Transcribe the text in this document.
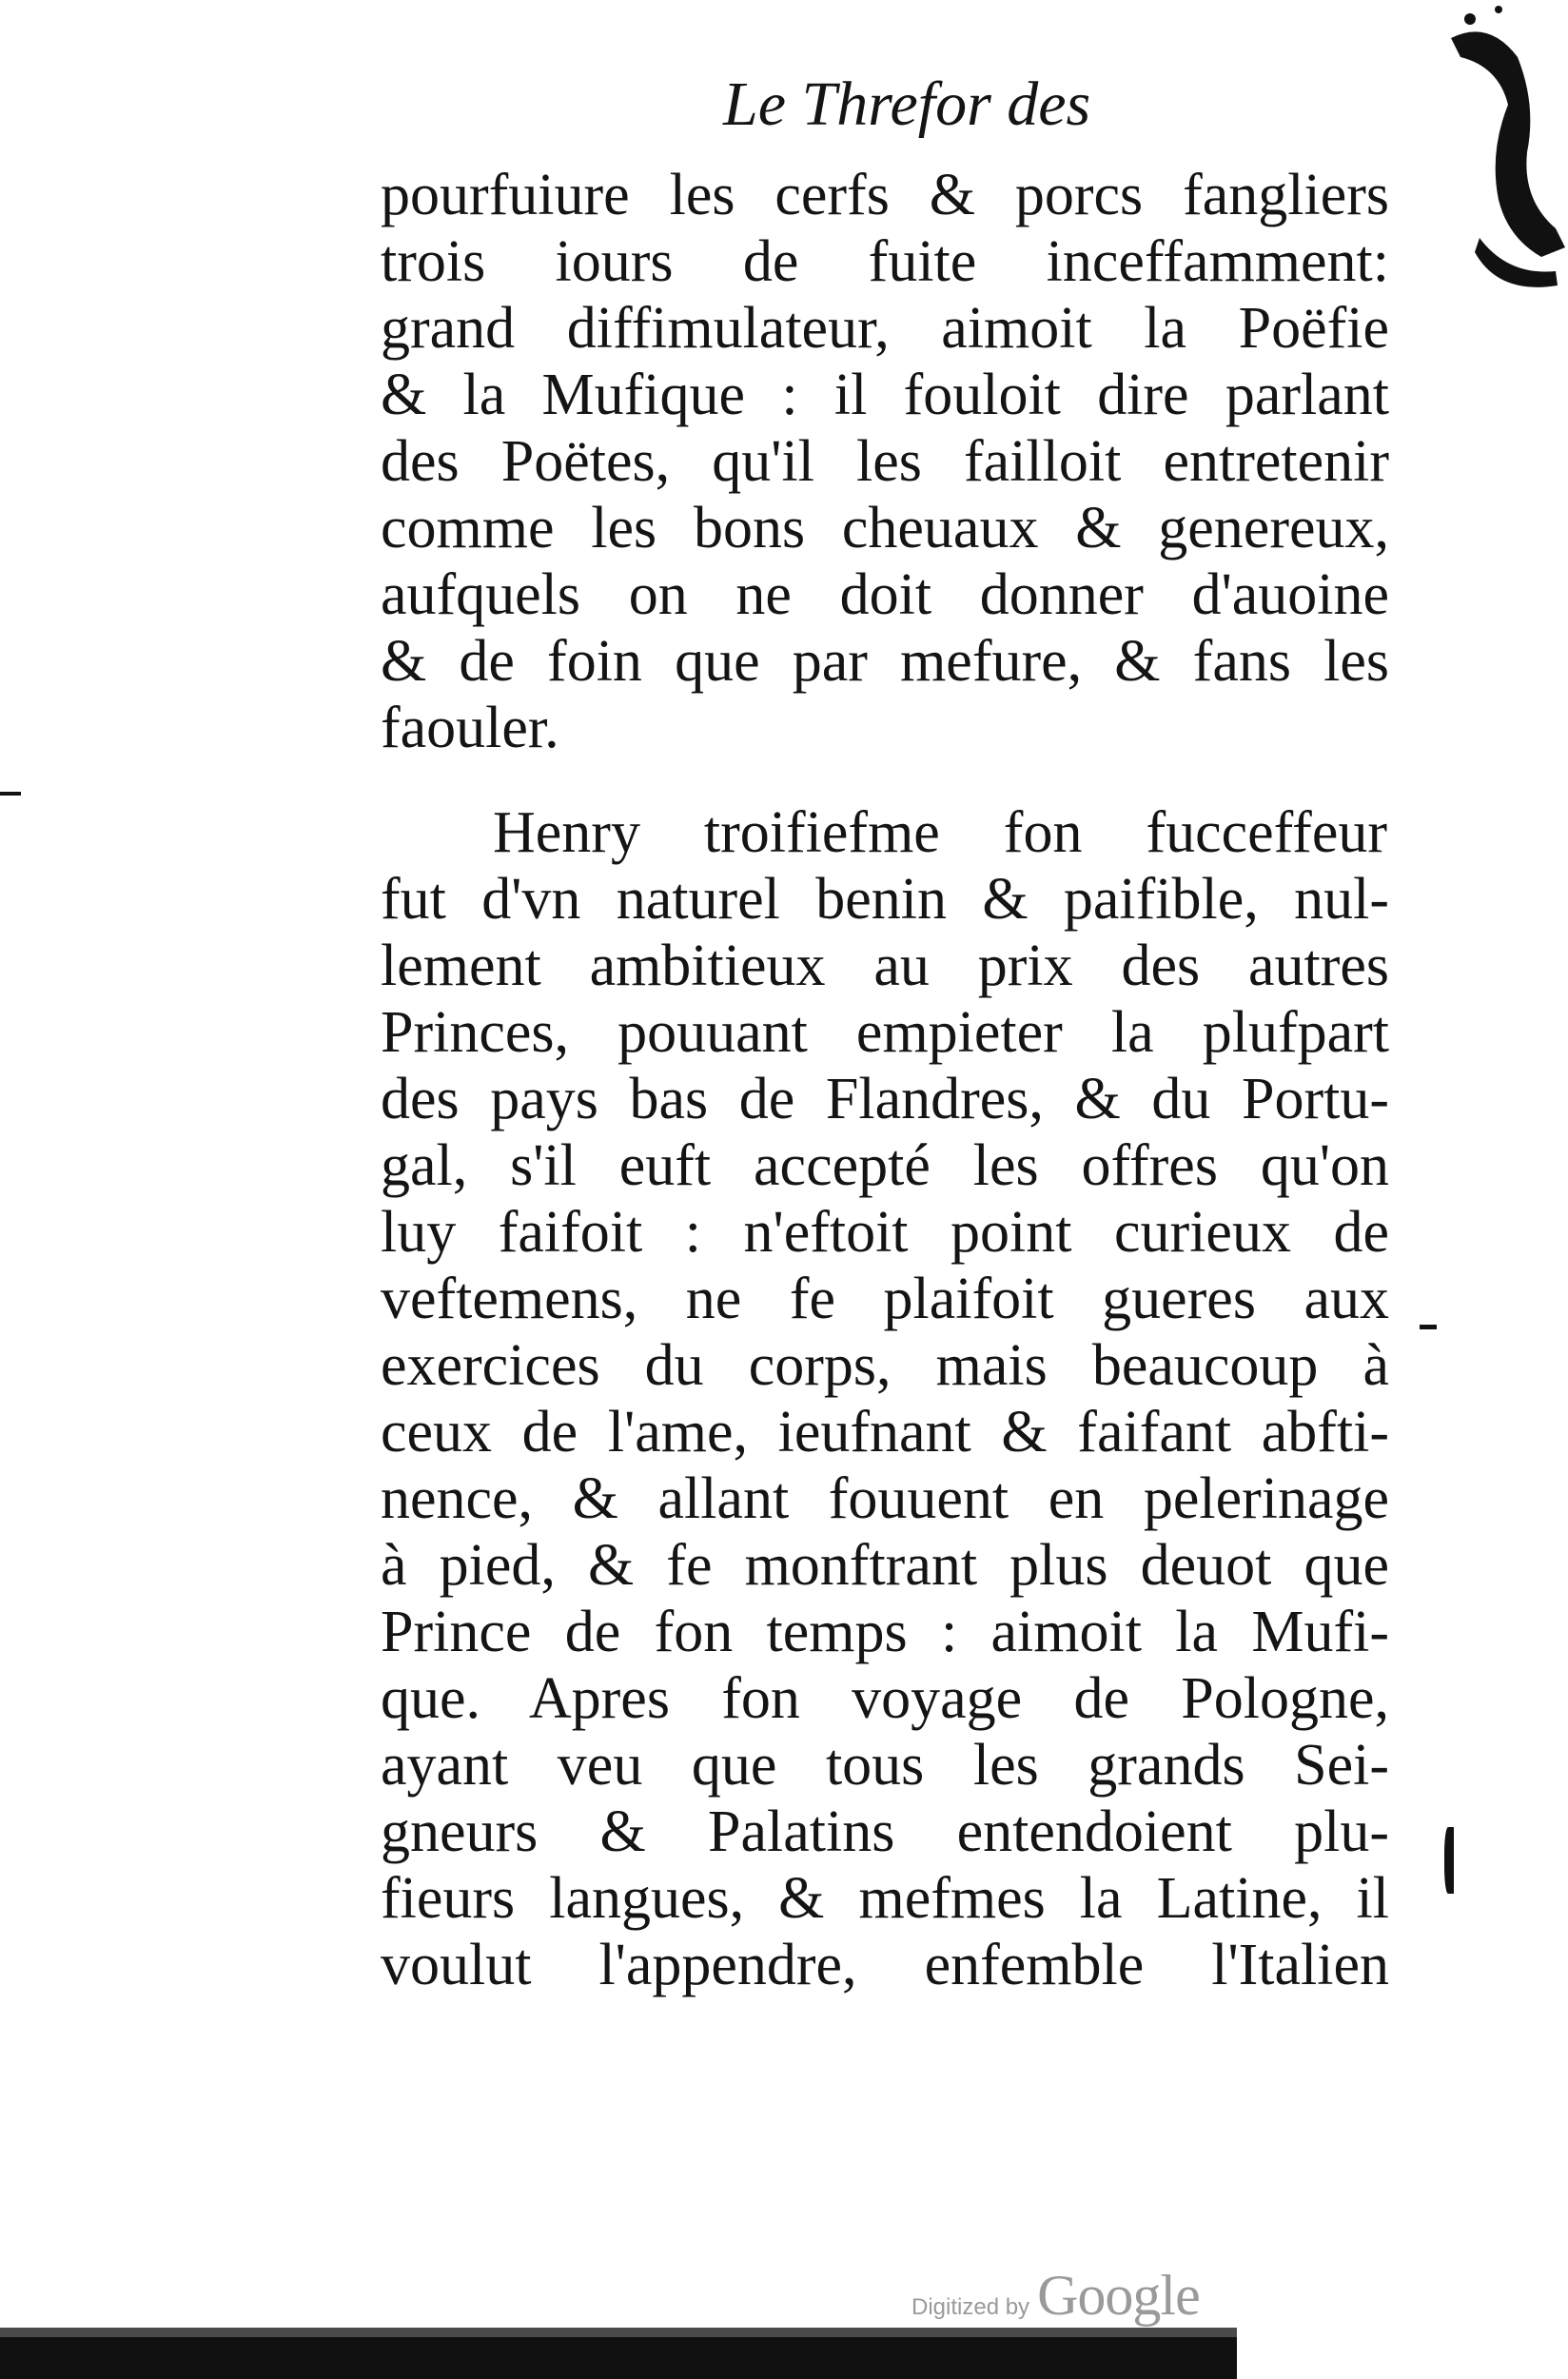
Le Threfor des
pourfuiure les cerfs & porcs fangliers
trois iours de fuite inceffamment:
grand diffimulateur, aimoit la Poëfie
& la Mufique : il fouloit dire parlant
des Poëtes, qu'il les failloit entretenir
comme les bons cheuaux & genereux,
aufquels on ne doit donner d'auoine
& de foin que par mefure, & fans les
faouler.
Henry troifiefme fon fucceffeur
fut d'vn naturel benin & paifible, nul-
lement ambitieux au prix des autres
Princes, pouuant empieter la plufpart
des pays bas de Flandres, & du Portu-
gal, s'il euft accepté les offres qu'on
luy faifoit : n'eftoit point curieux de
veftemens, ne fe plaifoit gueres aux
exercices du corps, mais beaucoup à
ceux de l'ame, ieufnant & faifant abfti-
nence, & allant fouuent en pelerinage
à pied, & fe monftrant plus deuot que
Prince de fon temps : aimoit la Mufi-
que. Apres fon voyage de Pologne,
ayant veu que tous les grands Sei-
gneurs & Palatins entendoient plu-
fieurs langues, & mefmes la Latine, il
voulut l'appendre, enfemble l'Italien
Digitized by Google
